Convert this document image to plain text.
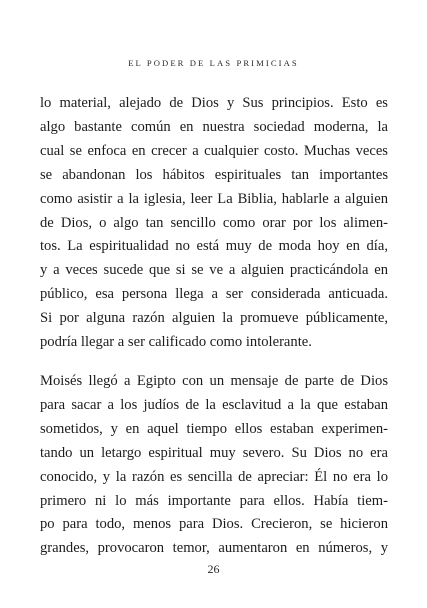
EL PODER DE LAS PRIMICIAS

lo material, alejado de Dios y Sus principios. Esto es
algo bastante común en nuestra sociedad moderna, la
cual se enfoca en crecer a cualquier costo. Muchas veces
se abandonan los hábitos espirituales tan importantes
como asistir a la iglesia, leer La Biblia, hablarle a alguien
de Dios, o algo tan sencillo como orar por los alimen-
tos. La espiritualidad no está muy de moda hoy en día,
y a veces sucede que si se ve a alguien practicándola en
público, esa persona llega a ser considerada anticuada.
Si por alguna razón alguien la promueve públicamente,
podría llegar a ser calificado como intolerante.

Moisés llegó a Egipto con un mensaje de parte de Dios
para sacar a los judíos de la esclavitud a la que estaban
sometidos, y en aquel tiempo ellos estaban experimen-
tando un letargo espiritual muy severo. Su Dios no era
conocido, y la razón es sencilla de apreciar: Él no era lo
primero ni lo más importante para ellos. Había tiem-
po para todo, menos para Dios. Crecieron, se hicieron
grandes, provocaron temor, aumentaron en números, y

26
